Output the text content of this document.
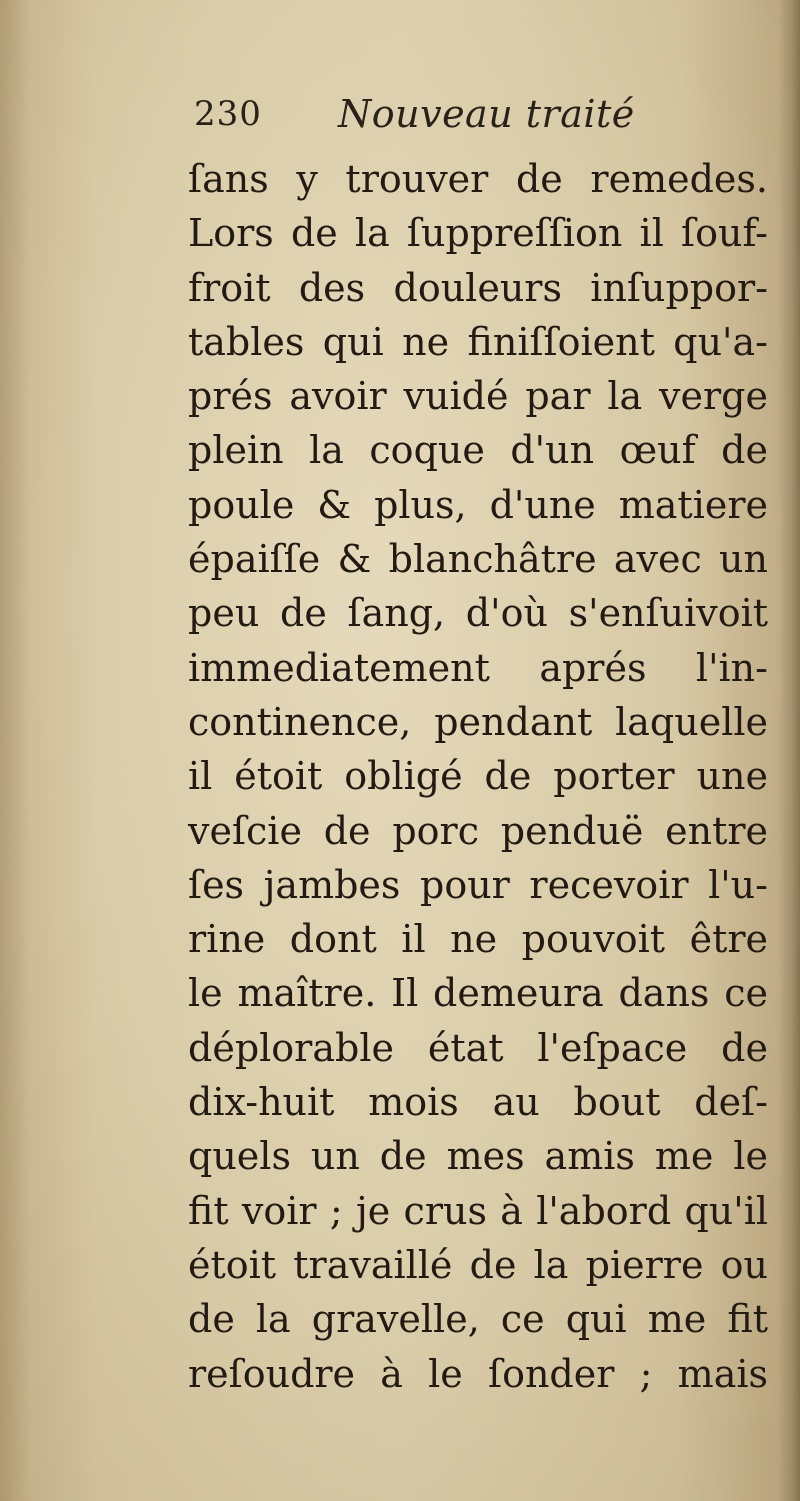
230 Nouveau traité
ſans y trouver de remedes.
Lors de la ſuppreſſion il ſouf-
froit des douleurs inſuppor-
tables qui ne finiſſoient qu'a-
prés avoir vuidé par la verge
plein la coque d'un œuf de
poule & plus, d'une matiere
épaiſſe & blanchâtre avec un
peu de ſang, d'où s'enſuivoit
immediatement aprés l'in-
continence, pendant laquelle
il étoit obligé de porter une
veſcie de porc penduë entre
ſes jambes pour recevoir l'u-
rine dont il ne pouvoit être
le maître. Il demeura dans ce
déplorable état l'eſpace de
dix-huit mois au bout deſ-
quels un de mes amis me le
fit voir ; je crus à l'abord qu'il
étoit travaillé de la pierre ou
de la gravelle, ce qui me fit
reſoudre à le ſonder ; mais
